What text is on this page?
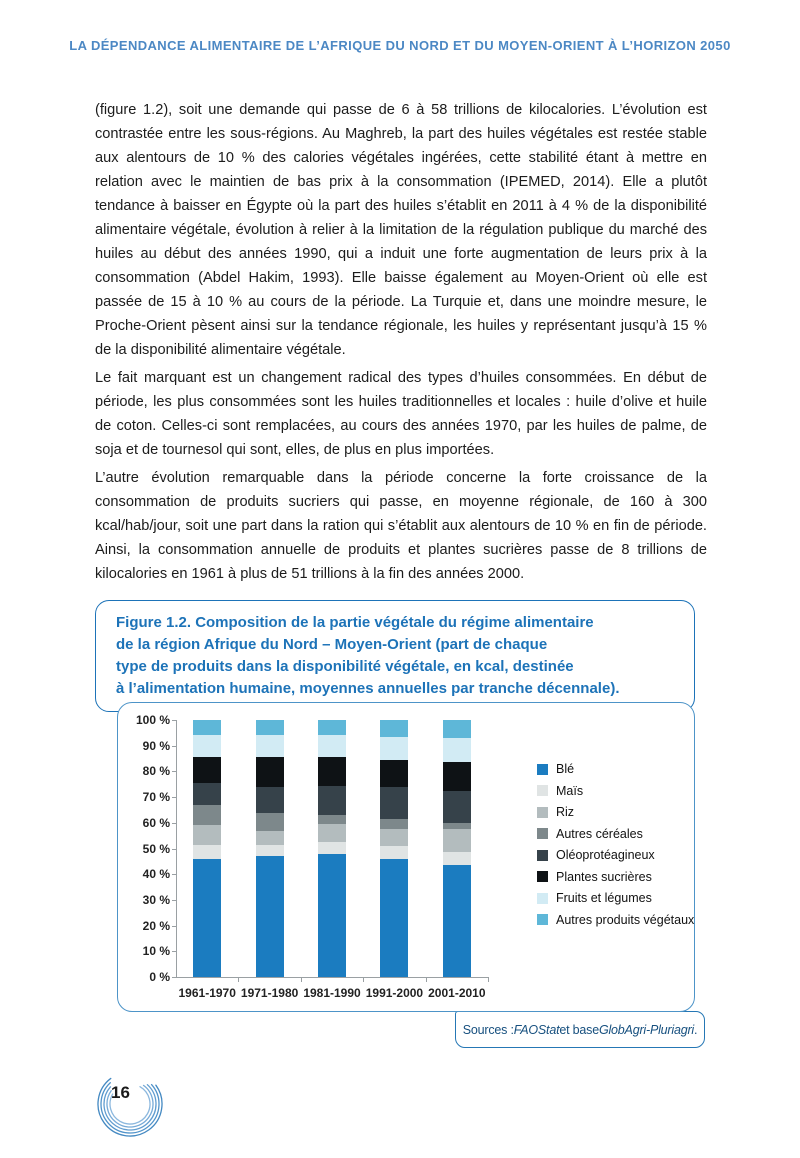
LA DÉPENDANCE ALIMENTAIRE DE L’AFRIQUE DU NORD ET DU MOYEN-ORIENT À L’HORIZON 2050

(figure 1.2), soit une demande qui passe de 6 à 58 trillions de kilocalories. L’évolution est contrastée entre les sous-régions. Au Maghreb, la part des huiles végétales est restée stable aux alentours de 10 % des calories végétales ingérées, cette stabilité étant à mettre en relation avec le maintien de bas prix à la consommation (IPEMED, 2014). Elle a plutôt tendance à baisser en Égypte où la part des huiles s’établit en 2011 à 4 % de la disponibilité alimentaire végétale, évolution à relier à la limitation de la régulation publique du marché des huiles au début des années 1990, qui a induit une forte augmentation de leurs prix à la consommation (Abdel Hakim, 1993). Elle baisse également au Moyen-Orient où elle est passée de 15 à 10 % au cours de la période. La Turquie et, dans une moindre mesure, le Proche-Orient pèsent ainsi sur la tendance régionale, les huiles y représentant jusqu’à 15 % de la disponibilité alimentaire végétale.

Le fait marquant est un changement radical des types d’huiles consommées. En début de période, les plus consommées sont les huiles traditionnelles et locales : huile d’olive et huile de coton. Celles-ci sont remplacées, au cours des années 1970, par les huiles de palme, de soja et de tournesol qui sont, elles, de plus en plus importées.

L’autre évolution remarquable dans la période concerne la forte croissance de la consommation de produits sucriers qui passe, en moyenne régionale, de 160 à 300 kcal/hab/jour, soit une part dans la ration qui s’établit aux alentours de 10 % en fin de période. Ainsi, la consommation annuelle de produits et plantes sucrières passe de 8 trillions de kilocalories en 1961 à plus de 51 trillions à la fin des années 2000.

Figure 1.2. Composition de la partie végétale du régime alimentaire
de la région Afrique du Nord – Moyen-Orient (part de chaque
type de produits dans la disponibilité végétale, en kcal, destinée
à l’alimentation humaine, moyennes annuelles par tranche décennale).
100 %
90 %
80 %
70 %
60 %
50 %
40 %
30 %
20 %
10 %
0 %
1961-1970 1971-1980 1981-1990 1991-2000 2001-2010
Blé
Maïs
Riz
Autres céréales
Oléoprotéagineux
Plantes sucrières
Fruits et légumes
Autres produits végétaux
Sources : FAOStat et base GlobAgri-Pluriagri .
16
